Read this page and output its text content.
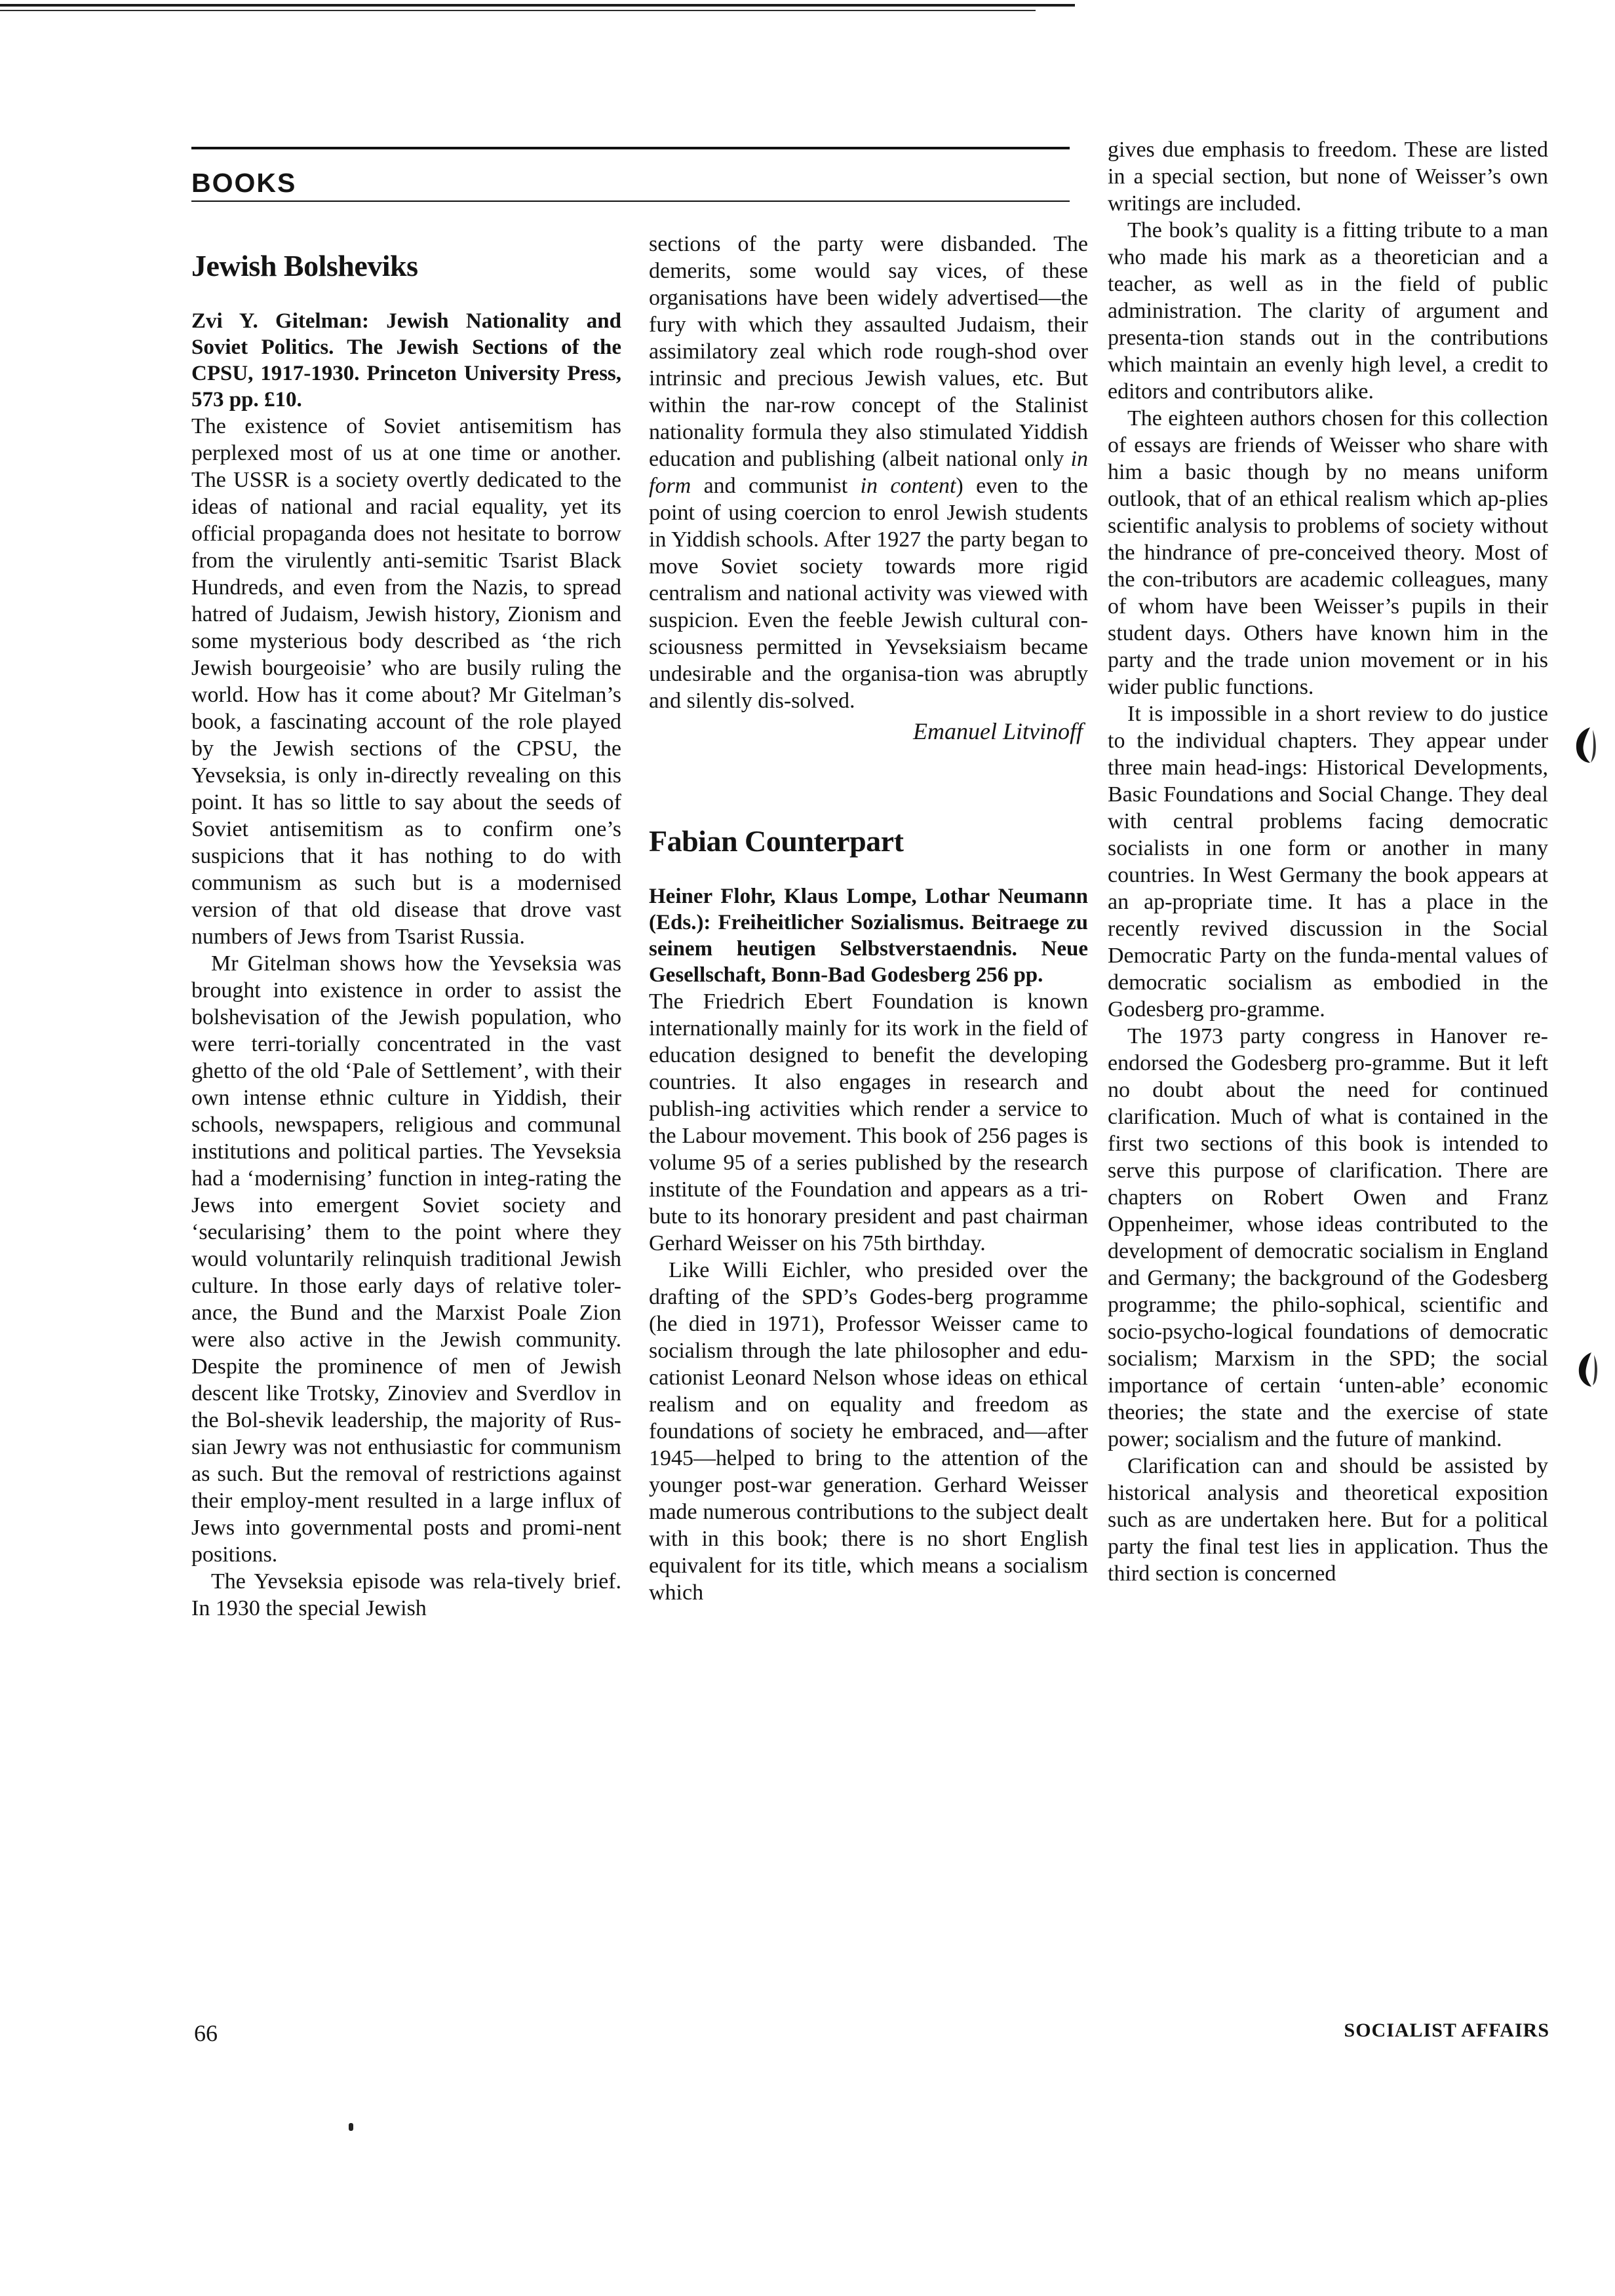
BOOKS
Jewish Bolsheviks

Zvi Y. Gitelman: Jewish Nationality and Soviet Politics. The Jewish Sections of the CPSU, 1917-1930. Princeton University Press, 573 pp. £10.

The existence of Soviet antisemitism has perplexed most of us at one time or another. The USSR is a society overtly dedicated to the ideas of national and racial equality, yet its official propaganda does not hesitate to borrow from the virulently anti-semitic Tsarist Black Hundreds, and even from the Nazis, to spread hatred of Judaism, Jewish history, Zionism and some mysterious body described as ‘the rich Jewish bourgeoisie’ who are busily ruling the world. How has it come about? Mr Gitelman’s book, a fascinating account of the role played by the Jewish sections of the CPSU, the Yevseksia, is only in-directly revealing on this point. It has so little to say about the seeds of Soviet antisemitism as to confirm one’s suspicions that it has nothing to do with communism as such but is a modernised version of that old disease that drove vast numbers of Jews from Tsarist Russia.

Mr Gitelman shows how the Yevseksia was brought into existence in order to assist the bolshevisation of the Jewish population, who were terri-torially concentrated in the vast ghetto of the old ‘Pale of Settlement’, with their own intense ethnic culture in Yiddish, their schools, newspapers, religious and communal institutions and political parties. The Yevseksia had a ‘modernising’ function in integ-rating the Jews into emergent Soviet society and ‘secularising’ them to the point where they would voluntarily relinquish traditional Jewish culture. In those early days of relative toler-ance, the Bund and the Marxist Poale Zion were also active in the Jewish community. Despite the prominence of men of Jewish descent like Trotsky, Zinoviev and Sverdlov in the Bol-shevik leadership, the majority of Rus-sian Jewry was not enthusiastic for communism as such. But the removal of restrictions against their employ-ment resulted in a large influx of Jews into governmental posts and promi-nent positions.

The Yevseksia episode was rela-tively brief. In 1930 the special Jewish

sections of the party were disbanded. The demerits, some would say vices, of these organisations have been widely advertised—the fury with which they assaulted Judaism, their assimilatory zeal which rode rough-shod over intrinsic and precious Jewish values, etc. But within the nar-row concept of the Stalinist nationality formula they also stimulated Yiddish education and publishing (albeit national only in form and communist in content) even to the point of using coercion to enrol Jewish students in Yiddish schools. After 1927 the party began to move Soviet society towards more rigid centralism and national activity was viewed with suspicion. Even the feeble Jewish cultural con-sciousness permitted in Yevseksiaism became undesirable and the organisa-tion was abruptly and silently dis-solved.

Emanuel Litvinoff
Fabian Counterpart

Heiner Flohr, Klaus Lompe, Lothar Neumann (Eds.): Freiheitlicher Sozialismus. Beitraege zu seinem heutigen Selbstverstaendnis. Neue Gesellschaft, Bonn-Bad Godesberg 256 pp.

The Friedrich Ebert Foundation is known internationally mainly for its work in the field of education designed to benefit the developing countries. It also engages in research and publish-ing activities which render a service to the Labour movement. This book of 256 pages is volume 95 of a series published by the research institute of the Foundation and appears as a tri-bute to its honorary president and past chairman Gerhard Weisser on his 75th birthday.

Like Willi Eichler, who presided over the drafting of the SPD’s Godes-berg programme (he died in 1971), Professor Weisser came to socialism through the late philosopher and edu-cationist Leonard Nelson whose ideas on ethical realism and on equality and freedom as foundations of society he embraced, and—after 1945—helped to bring to the attention of the younger post-war generation. Gerhard Weisser made numerous contributions to the subject dealt with in this book; there is no short English equivalent for its title, which means a socialism which

gives due emphasis to freedom. These are listed in a special section, but none of Weisser’s own writings are included.

The book’s quality is a fitting tribute to a man who made his mark as a theoretician and a teacher, as well as in the field of public administration. The clarity of argument and presenta-tion stands out in the contributions which maintain an evenly high level, a credit to editors and contributors alike.

The eighteen authors chosen for this collection of essays are friends of Weisser who share with him a basic though by no means uniform outlook, that of an ethical realism which ap-plies scientific analysis to problems of society without the hindrance of pre-conceived theory. Most of the con-tributors are academic colleagues, many of whom have been Weisser’s pupils in their student days. Others have known him in the party and the trade union movement or in his wider public functions.

It is impossible in a short review to do justice to the individual chapters. They appear under three main head-ings: Historical Developments, Basic Foundations and Social Change. They deal with central problems facing democratic socialists in one form or another in many countries. In West Germany the book appears at an ap-propriate time. It has a place in the recently revived discussion in the Social Democratic Party on the funda-mental values of democratic socialism as embodied in the Godesberg pro-gramme.

The 1973 party congress in Hanover re-endorsed the Godesberg pro-gramme. But it left no doubt about the need for continued clarification. Much of what is contained in the first two sections of this book is intended to serve this purpose of clarification. There are chapters on Robert Owen and Franz Oppenheimer, whose ideas contributed to the development of democratic socialism in England and Germany; the background of the Godesberg programme; the philo-sophical, scientific and socio-psycho-logical foundations of democratic socialism; Marxism in the SPD; the social importance of certain ‘unten-able’ economic theories; the state and the exercise of state power; socialism and the future of mankind.

Clarification can and should be assisted by historical analysis and theoretical exposition such as are undertaken here. But for a political party the final test lies in application. Thus the third section is concerned

66	SOCIALIST AFFAIRS
